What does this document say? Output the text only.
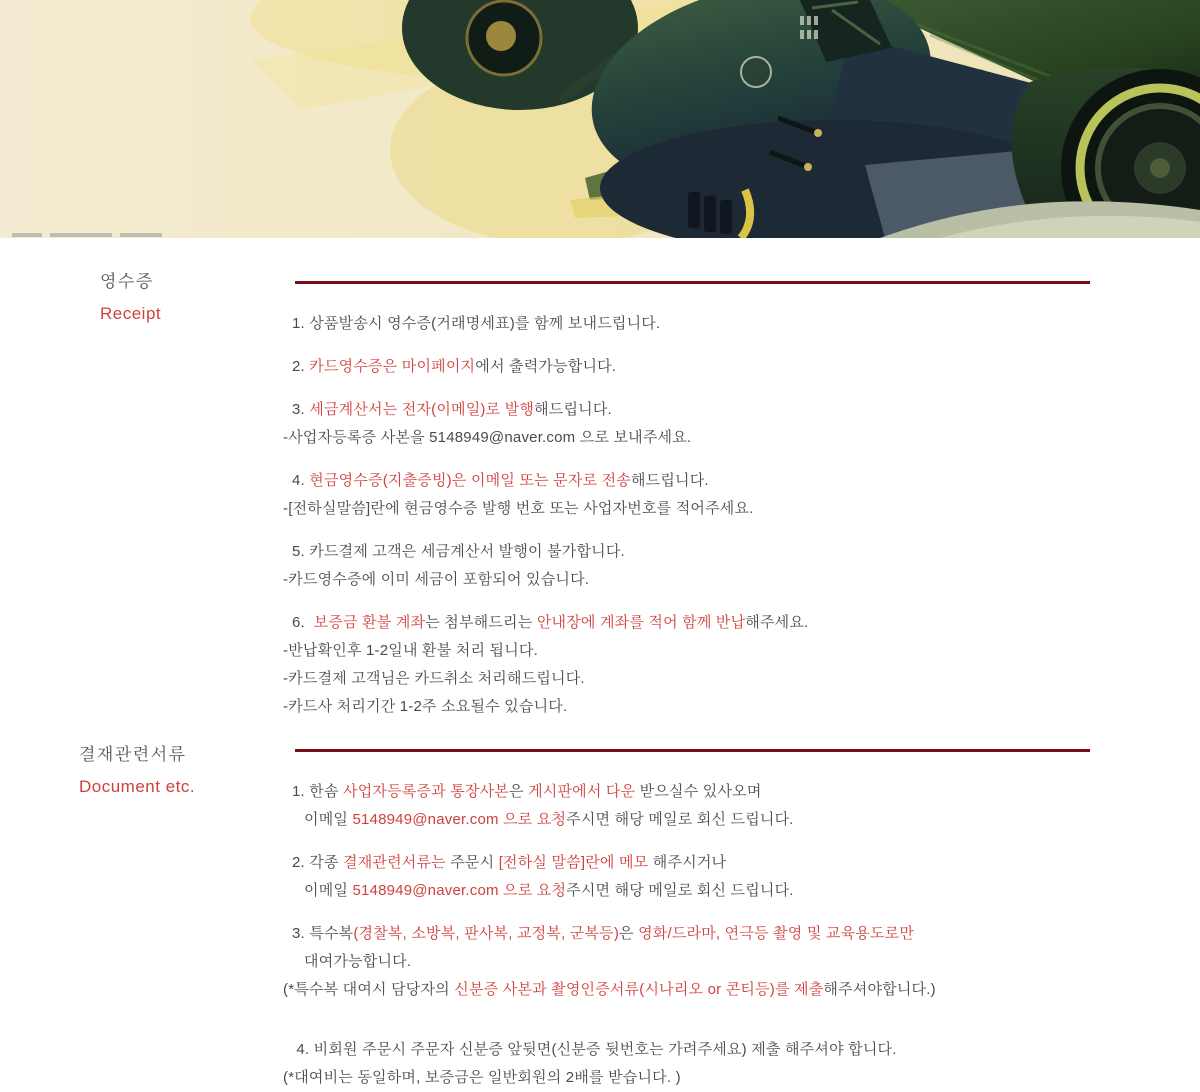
영수증
Receipt
1. 상품발송시 영수증(거래명세표)를 함께 보내드립니다.
2. 카드영수증은 마이페이지에서 출력가능합니다.
3. 세금계산서는 전자(이메일)로 발행해드립니다.
-사업자등록증 사본을 5148949@naver.com 으로 보내주세요.
4. 현금영수증(지출증빙)은 이메일 또는 문자로 전송해드립니다.
-[전하실말씀]란에 현금영수증 발행 번호 또는 사업자번호를 적어주세요.
5. 카드결제 고객은 세금계산서 발행이 불가합니다.
-카드영수증에 이미 세금이 포함되어 있습니다.
6.  보증금 환불 계좌는 첨부해드리는 안내장에 계좌를 적어 함께 반납해주세요.
-반납확인후 1-2일내 환불 처리 됩니다.
-카드결제 고객님은 카드취소 처리해드립니다.
-카드사 처리기간 1-2주 소요될수 있습니다.
결재관련서류
Document etc.	1. 한솜 사업자등록증과 통장사본은 게시판에서 다운 받으실수 있사오며
이메일 5148949@naver.com 으로 요청주시면 해당 메일로 회신 드립니다.
2. 각종 결재관련서류는 주문시 [전하실 말씀]란에 메모 해주시거나
이메일 5148949@naver.com 으로 요청주시면 해당 메일로 회신 드립니다.
3. 특수복(경찰복, 소방복, 판사복, 교정복, 군복등)은 영화/드라마, 연극등 촬영 및 교육용도로만
대여가능합니다.
(*특수복 대여시 담당자의 신분증 사본과 촬영인증서류(시나리오 or 콘티등)를 제출해주셔야합니다.)
4. 비회원 주문시 주문자 신분증 앞뒷면(신분증 뒷번호는 가려주세요) 제출 해주셔야 합니다.
(*대여비는 동일하며, 보증금은 일반회원의 2배를 받습니다. )
